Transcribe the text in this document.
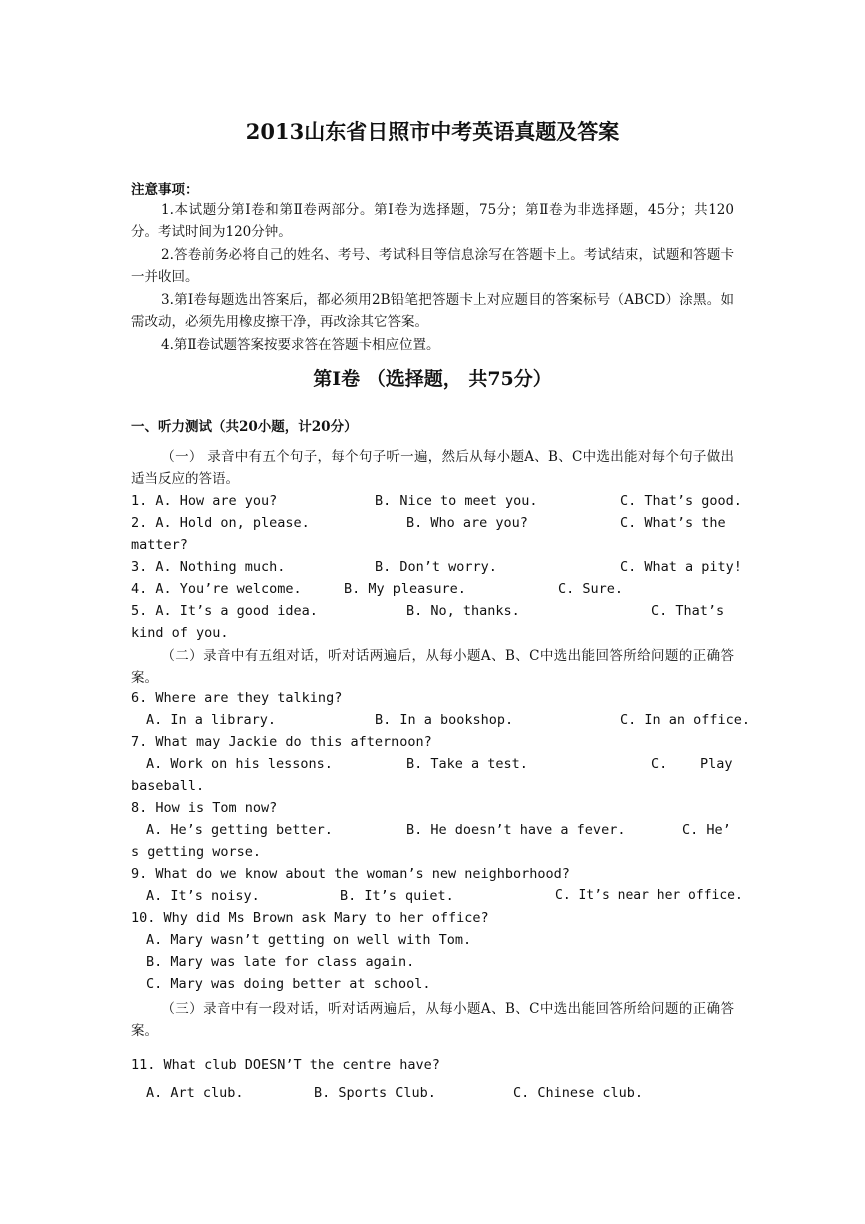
2013山东省日照市中考英语真题及答案
注意事项：
1.本试题分第Ⅰ卷和第Ⅱ卷两部分。第Ⅰ卷为选择题，75分；第Ⅱ卷为非选择题，45分；共120分。考试时间为120分钟。
2.答卷前务必将自己的姓名、考号、考试科目等信息涂写在答题卡上。考试结束，试题和答题卡一并收回。
3.第Ⅰ卷每题选出答案后，都必须用2B铅笔把答题卡上对应题目的答案标号（ABCD）涂黑。如需改动，必须先用橡皮擦干净，再改涂其它答案。
4.第Ⅱ卷试题答案按要求答在答题卡相应位置。
第Ⅰ卷 （选择题， 共75分）
一、听力测试（共20小题，计20分）
（一） 录音中有五个句子，每个句子听一遍，然后从每小题A、B、C中选出能对每个句子做出适当反应的答语。
1. A. How are you?	B. Nice to meet you.	C. That’s good.
2. A. Hold on, please.	B. Who are you?	C. What’s the
matter?
3. A. Nothing much.	B. Don’t worry.	C. What a pity!
4. A. You’re welcome.	B. My pleasure.	C. Sure.
5. A. It’s a good idea.	B. No, thanks.	C. That’s
kind of you.
（二）录音中有五组对话，听对话两遍后，从每小题A、B、C中选出能回答所给问题的正确答案。
6. Where are they talking?
A. In a library.	B. In a bookshop.	C. In an office.
7. What may Jackie do this afternoon?
A. Work on his lessons.	B. Take a test.	C. Play
baseball.
8. How is Tom now?
A. He’s getting better.	B. He doesn’t have a fever.	C. He’
s getting worse.
9. What do we know about the woman’s new neighborhood?
A. It’s noisy.	B. It’s quiet.	C. It’s near her office.
10. Why did Ms Brown ask Mary to her office?
A. Mary wasn’t getting on well with Tom.
B. Mary was late for class again.
C. Mary was doing better at school.
（三）录音中有一段对话，听对话两遍后，从每小题A、B、C中选出能回答所给问题的正确答案。
11. What club DOESN’T the centre have?
A. Art club.	B. Sports Club.	C. Chinese club.
